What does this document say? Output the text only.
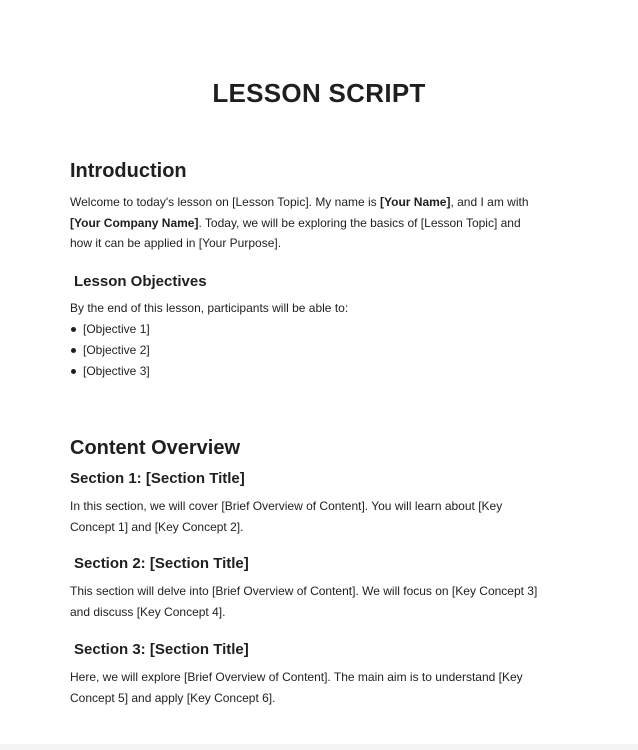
LESSON SCRIPT
Introduction
Welcome to today's lesson on [Lesson Topic]. My name is [Your Name], and I am with
[Your Company Name]. Today, we will be exploring the basics of [Lesson Topic] and
how it can be applied in [Your Purpose].
Lesson Objectives

By the end of this lesson, participants will be able to:

[Objective 1]
[Objective 2]
[Objective 3]
Content Overview
Section 1: [Section Title]
In this section, we will cover [Brief Overview of Content]. You will learn about [Key
Concept 1] and [Key Concept 2].
Section 2: [Section Title]
This section will delve into [Brief Overview of Content]. We will focus on [Key Concept 3]
and discuss [Key Concept 4].
Section 3: [Section Title]
Here, we will explore [Brief Overview of Content]. The main aim is to understand [Key
Concept 5] and apply [Key Concept 6].
